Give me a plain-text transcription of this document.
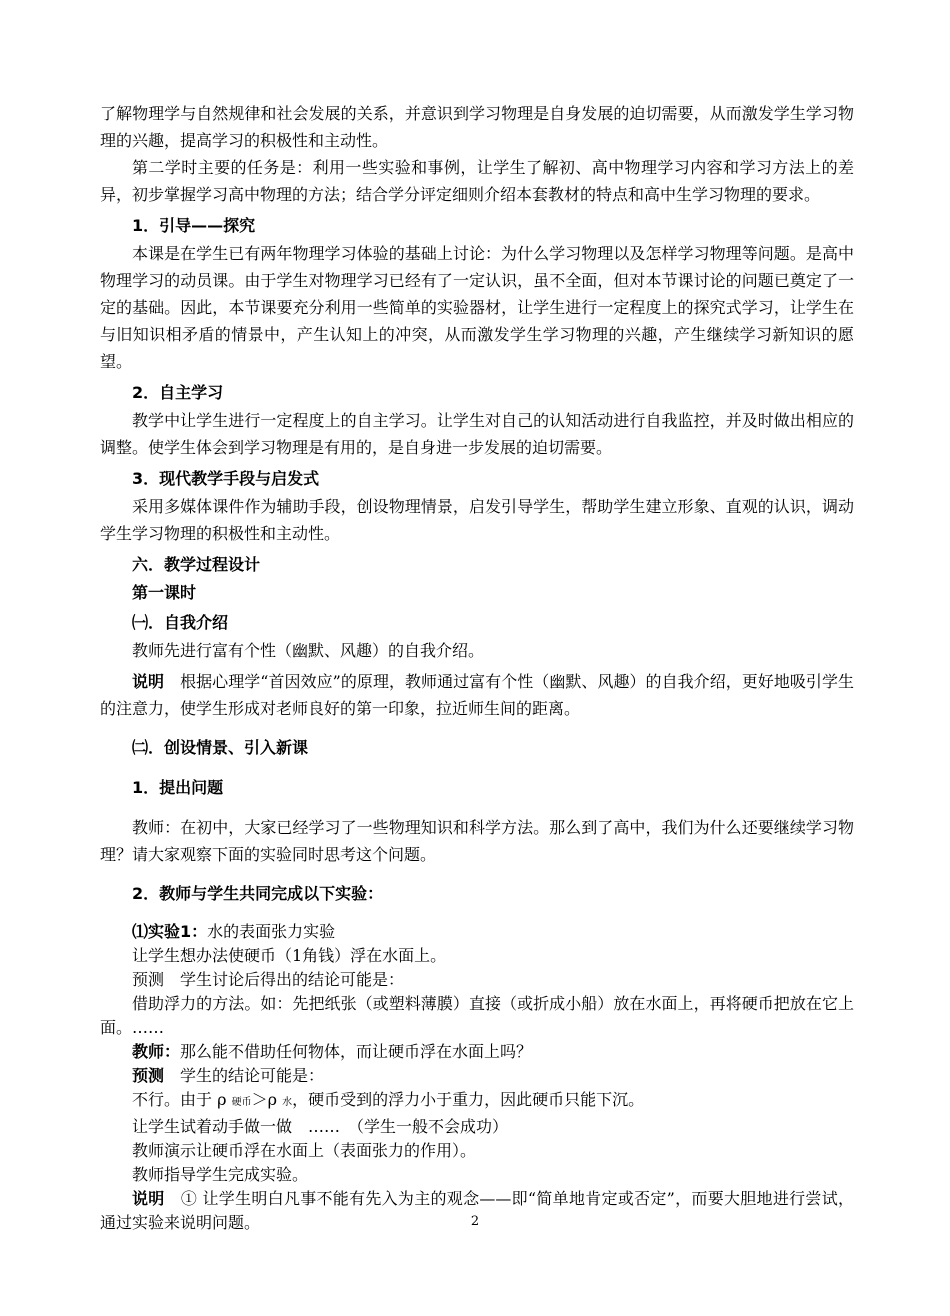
了解物理学与自然规律和社会发展的关系，并意识到学习物理是自身发展的迫切需要，从而激发学生学习物理的兴趣，提高学习的积极性和主动性。

第二学时主要的任务是：利用一些实验和事例，让学生了解初、高中物理学习内容和学习方法上的差异，初步掌握学习高中物理的方法；结合学分评定细则介绍本套教材的特点和高中生学习物理的要求。

1．引导——探究

本课是在学生已有两年物理学习体验的基础上讨论：为什么学习物理以及怎样学习物理等问题。是高中物理学习的动员课。由于学生对物理学习已经有了一定认识，虽不全面，但对本节课讨论的问题已奠定了一定的基础。因此，本节课要充分利用一些简单的实验器材，让学生进行一定程度上的探究式学习，让学生在与旧知识相矛盾的情景中，产生认知上的冲突，从而激发学生学习物理的兴趣，产生继续学习新知识的愿望。

2．自主学习

教学中让学生进行一定程度上的自主学习。让学生对自己的认知活动进行自我监控，并及时做出相应的调整。使学生体会到学习物理是有用的，是自身进一步发展的迫切需要。

3．现代教学手段与启发式

采用多媒体课件作为辅助手段，创设物理情景，启发引导学生，帮助学生建立形象、直观的认识，调动学生学习物理的积极性和主动性。

六．教学过程设计

第一课时

㈠．自我介绍

教师先进行富有个性（幽默、风趣）的自我介绍。

说明　根据心理学“首因效应”的原理，教师通过富有个性（幽默、风趣）的自我介绍，更好地吸引学生的注意力，使学生形成对老师良好的第一印象，拉近师生间的距离。

㈡．创设情景、引入新课

1．提出问题

教师：在初中，大家已经学习了一些物理知识和科学方法。那么到了高中，我们为什么还要继续学习物理？请大家观察下面的实验同时思考这个问题。

2．教师与学生共同完成以下实验：

⑴实验1：水的表面张力实验

让学生想办法使硬币（1角钱）浮在水面上。

预测　学生讨论后得出的结论可能是：

借助浮力的方法。如：先把纸张（或塑料薄膜）直接（或折成小船）放在水面上，再将硬币把放在它上面。……

教师：那么能不借助任何物体，而让硬币浮在水面上吗？

预测　学生的结论可能是：

不行。由于 ρ 硬币＞ρ 水，硬币受到的浮力小于重力，因此硬币只能下沉。

让学生试着动手做一做　……　（学生一般不会成功）

教师演示让硬币浮在水面上（表面张力的作用）。

教师指导学生完成实验。

说明　① 让学生明白凡事不能有先入为主的观念——即“简单地肯定或否定”，而要大胆地进行尝试，通过实验来说明问题。	2
